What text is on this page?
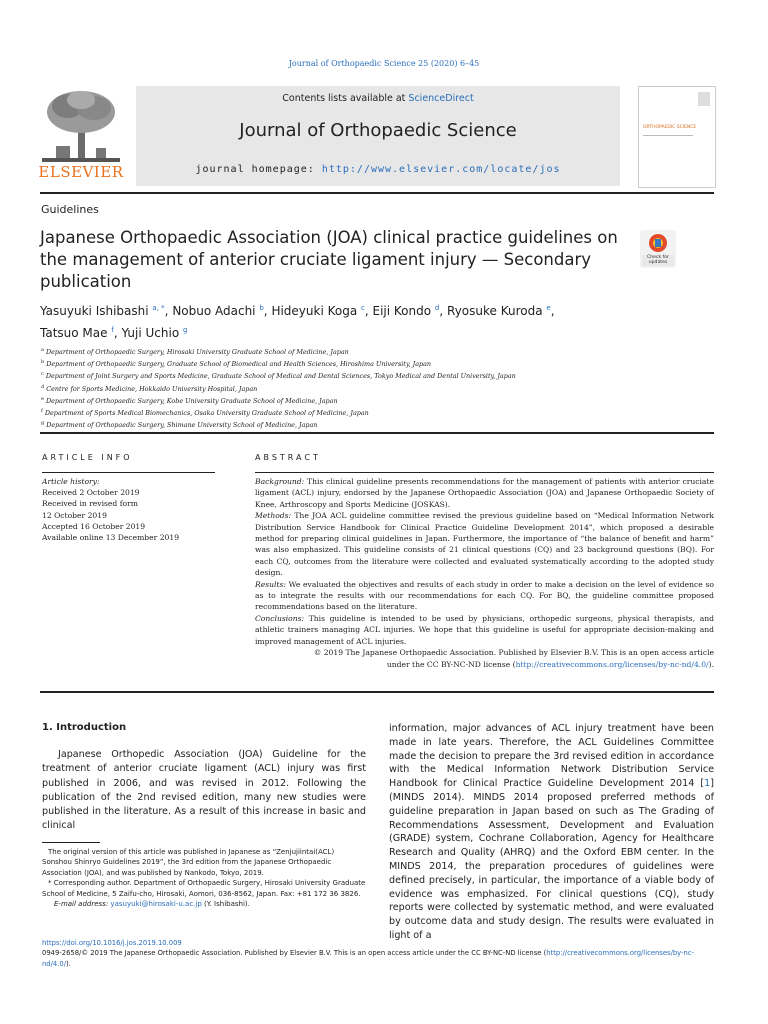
Journal of Orthopaedic Science 25 (2020) 6–45
ELSEVIER
Contents lists available at ScienceDirect
Journal of Orthopaedic Science
journal homepage: http://www.elsevier.com/locate/jos
ORTHOPAEDIC SCIENCE
Guidelines
Japanese Orthopaedic Association (JOA) clinical practice guidelines on the management of anterior cruciate ligament injury — Secondary publication
Check for updates
Yasuyuki Ishibashi $^{a, *}$, Nobuo Adachi $^b$, Hideyuki Koga $^c$, Eiji Kondo $^d$, Ryosuke Kuroda $^e$,
Tatsuo Mae $^f$, Yuji Uchio $^g$
$^a$ Department of Orthopaedic Surgery, Hirosaki University Graduate School of Medicine, Japan
$^b$ Department of Orthopaedic Surgery, Graduate School of Biomedical and Health Sciences, Hiroshima University, Japan
$^c$ Department of Joint Surgery and Sports Medicine, Graduate School of Medical and Dental Sciences, Tokyo Medical and Dental University, Japan
$^d$ Centre for Sports Medicine, Hokkaido University Hospital, Japan
$^e$ Department of Orthopaedic Surgery, Kobe University Graduate School of Medicine, Japan
$^f$ Department of Sports Medical Biomechanics, Osaka University Graduate School of Medicine, Japan
$^g$ Department of Orthopaedic Surgery, Shimane University School of Medicine, Japan
ARTICLE INFO
Article history:
Received 2 October 2019
Received in revised form
12 October 2019
Accepted 16 October 2019
Available online 13 December 2019
ABSTRACT
Background: This clinical guideline presents recommendations for the management of patients with anterior cruciate ligament (ACL) injury, endorsed by the Japanese Orthopaedic Association (JOA) and Japanese Orthopaedic Society of Knee, Arthroscopy and Sports Medicine (JOSKAS).
Methods: The JOA ACL guideline committee revised the previous guideline based on “Medical Information Network Distribution Service Handbook for Clinical Practice Guideline Development 2014”, which proposed a desirable method for preparing clinical guidelines in Japan. Furthermore, the importance of “the balance of benefit and harm” was also emphasized. This guideline consists of 21 clinical questions (CQ) and 23 background questions (BQ). For each CQ, outcomes from the literature were collected and evaluated systematically according to the adopted study design.
Results: We evaluated the objectives and results of each study in order to make a decision on the level of evidence so as to integrate the results with our recommendations for each CQ. For BQ, the guideline committee proposed recommendations based on the literature.
Conclusions: This guideline is intended to be used by physicians, orthopedic surgeons, physical therapists, and athletic trainers managing ACL injuries. We hope that this guideline is useful for appropriate decision-making and improved management of ACL injuries.
© 2019 The Japanese Orthopaedic Association. Published by Elsevier B.V. This is an open access article
under the CC BY-NC-ND license (http://creativecommons.org/licenses/by-nc-nd/4.0/).
1. Introduction
Japanese Orthopedic Association (JOA) Guideline for the treatment of anterior cruciate ligament (ACL) injury was first published in 2006, and was revised in 2012. Following the publication of the 2nd revised edition, many new studies were published in the literature. As a result of this increase in basic and clinical
information, major advances of ACL injury treatment have been made in late years. Therefore, the ACL Guidelines Committee made the decision to prepare the 3rd revised edition in accordance with the Medical Information Network Distribution Service Handbook for Clinical Practice Guideline Development 2014 [1] (MINDS 2014). MINDS 2014 proposed preferred methods of guideline preparation in Japan based on such as The Grading of Recommendations Assessment, Development and Evaluation (GRADE) system, Cochrane Collaboration, Agency for Healthcare Research and Quality (AHRQ) and the Oxford EBM center. In the MINDS 2014, the preparation procedures of guidelines were defined precisely, in particular, the importance of a viable body of evidence was emphasized. For clinical questions (CQ), study reports were collected by systematic method, and were evaluated by outcome data and study design. The results were evaluated in light of a

The original version of this article was published in Japanese as “Zenjujiintai(ACL) Sonshou Shinryo Guidelines 2019”, the 3rd edition from the Japanese Orthopaedic Association (JOA), and was published by Nankodo, Tokyo, 2019.

* Corresponding author. Department of Orthopaedic Surgery, Hirosaki University Graduate School of Medicine, 5 Zaifu-cho, Hirosaki, Aomori, 036-8562, Japan. Fax: +81 172 36 3826.

E-mail address: yasuyuki@hirosaki-u.ac.jp (Y. Ishibashi).

https://doi.org/10.1016/j.jos.2019.10.009
0949-2658/© 2019 The Japanese Orthopaedic Association. Published by Elsevier B.V. This is an open access article under the CC BY-NC-ND license (http://creativecommons.org/licenses/by-nc-nd/4.0/).
